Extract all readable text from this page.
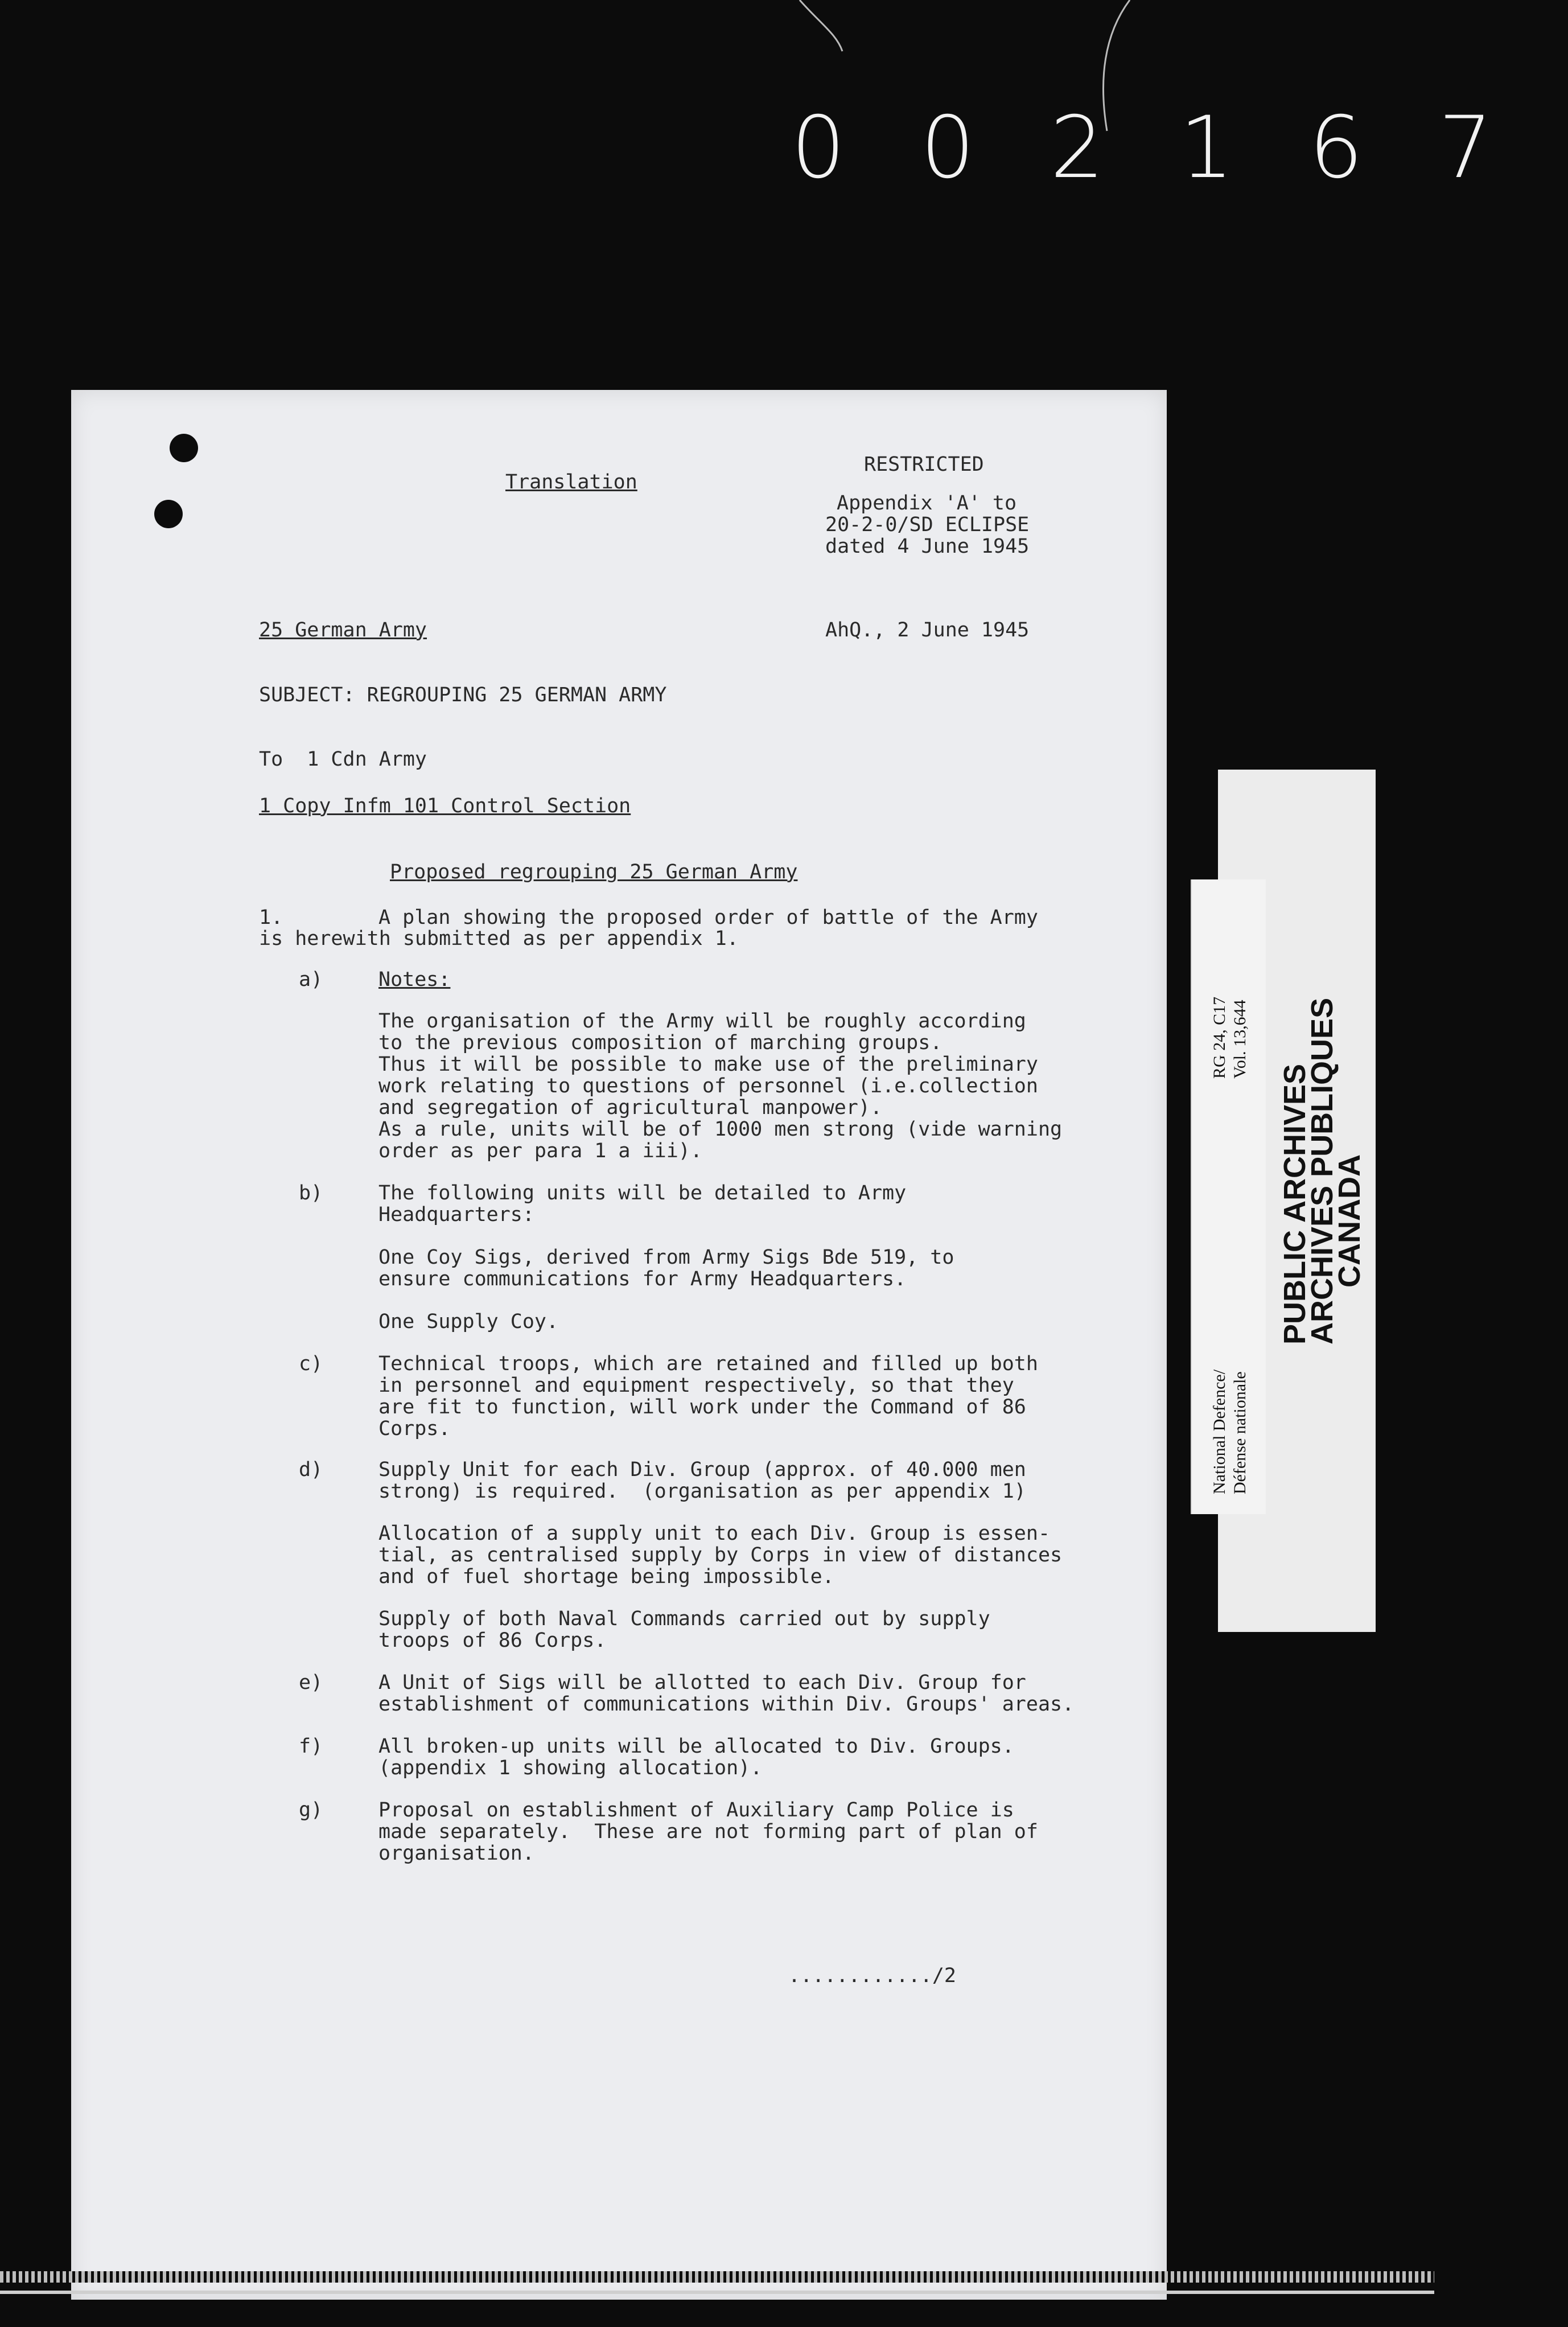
002167
Translation
RESTRICTED
Appendix 'A' to
20-2-0/SD ECLIPSE
dated 4 June 1945
25 German Army	AhQ., 2 June 1945
SUBJECT: REGROUPING 25 GERMAN ARMY
To  1 Cdn Army
1 Copy Infm 101 Control Section
Proposed regrouping 25 German Army
1.	A plan showing the proposed order of battle of the Army
is herewith submitted as per appendix 1.
a)	Notes:
The organisation of the Army will be roughly according
to the previous composition of marching groups.
Thus it will be possible to make use of the preliminary
work relating to questions of personnel (i.e.collection
and segregation of agricultural manpower).
As a rule, units will be of 1000 men strong (vide warning
order as per para 1 a iii).
b)	The following units will be detailed to Army
Headquarters:
One Coy Sigs, derived from Army Sigs Bde 519, to
ensure communications for Army Headquarters.
One Supply Coy.
c)	Technical troops, which are retained and filled up both
in personnel and equipment respectively, so that they
are fit to function, will work under the Command of 86
Corps.
d)	Supply Unit for each Div. Group (approx. of 40.000 men
strong) is required.  (organisation as per appendix 1)
Allocation of a supply unit to each Div. Group is essen-
tial, as centralised supply by Corps in view of distances
and of fuel shortage being impossible.
Supply of both Naval Commands carried out by supply
troops of 86 Corps.
e)	A Unit of Sigs will be allotted to each Div. Group for
establishment of communications within Div. Groups' areas.
f)	All broken-up units will be allocated to Div. Groups.
(appendix 1 showing allocation).
g)	Proposal on establishment of Auxiliary Camp Police is
made separately.  These are not forming part of plan of
organisation.
............/2
PUBLIC ARCHIVES
ARCHIVES PUBLIQUES
CANADA
RG 24, C17 Vol. 13,644
National Defence/ Défense nationale
